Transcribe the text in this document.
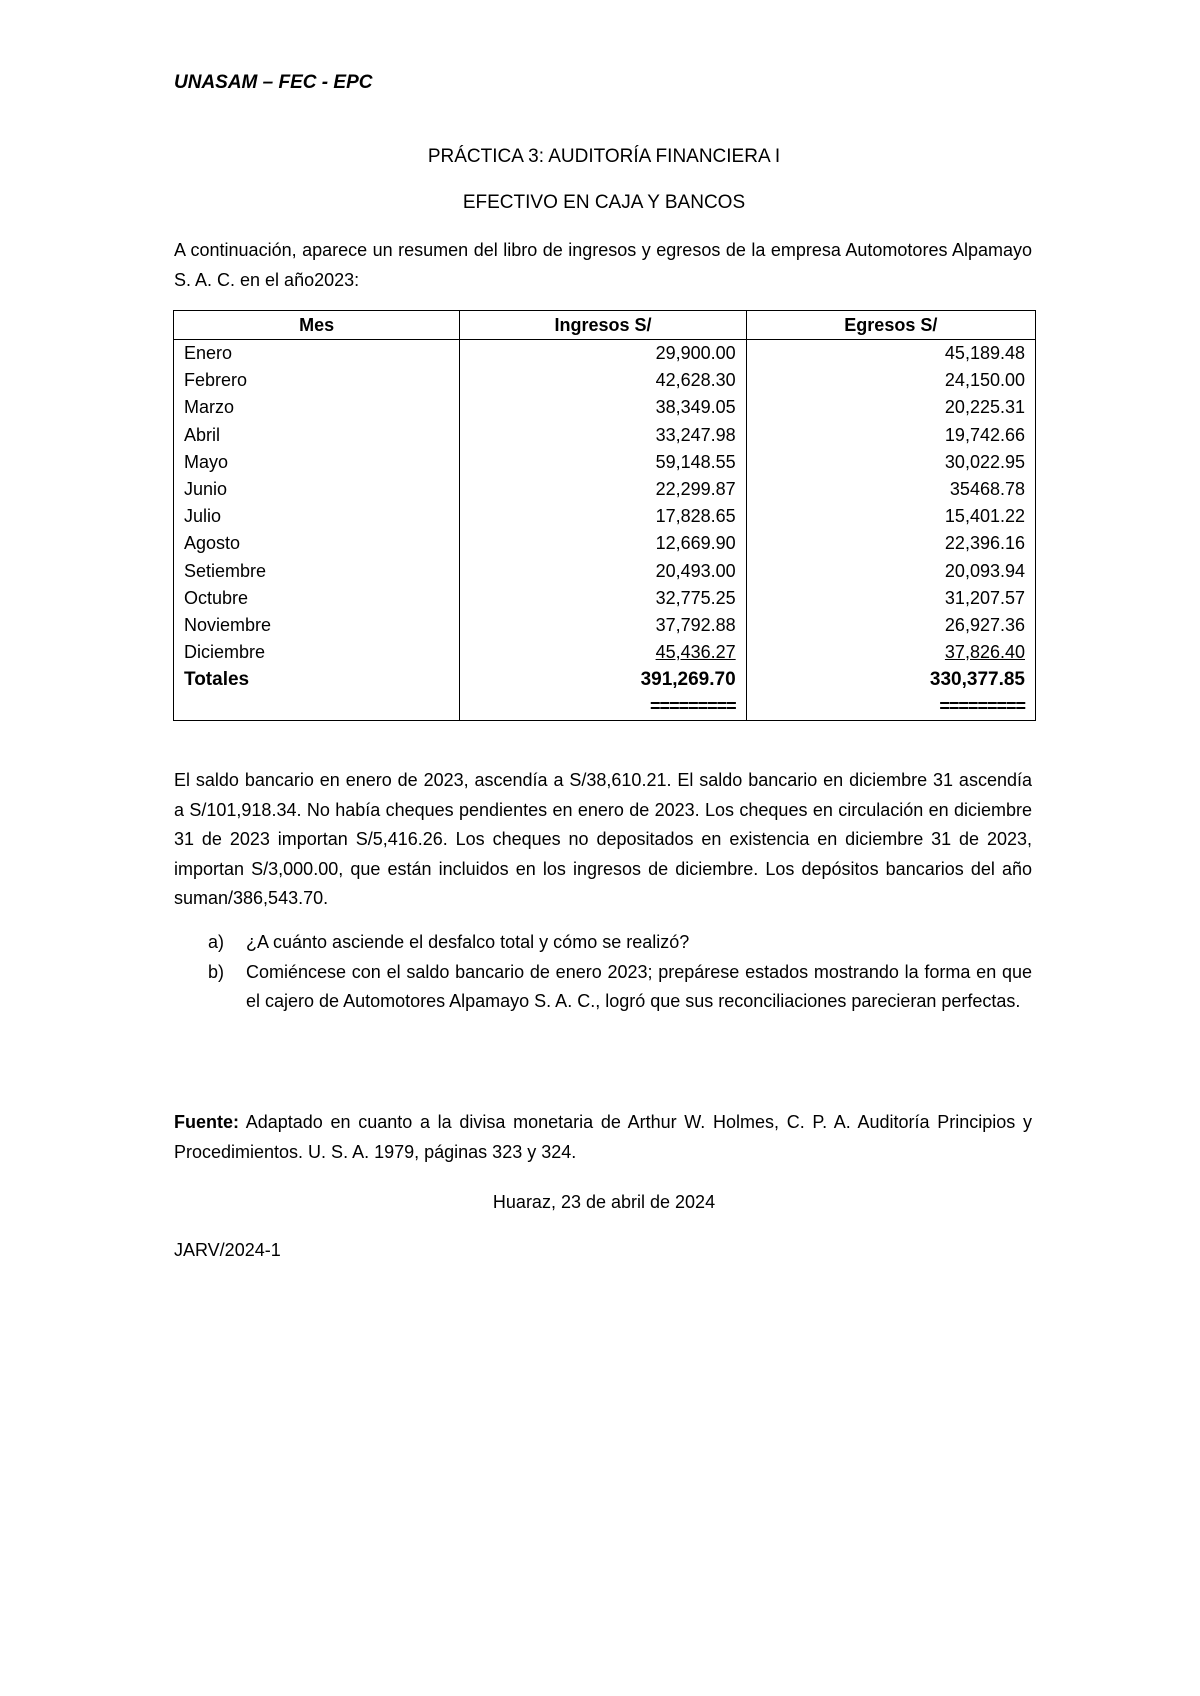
UNASAM – FEC - EPC
PRÁCTICA 3: AUDITORÍA FINANCIERA I
EFECTIVO EN CAJA Y BANCOS
A continuación, aparece un resumen del libro de ingresos y egresos de la empresa Automotores Alpamayo S. A. C. en el año2023:
Mes	Ingresos S/	Egresos S/
Enero	29,900.00	45,189.48
Febrero	42,628.30	24,150.00
Marzo	38,349.05	20,225.31
Abril	33,247.98	19,742.66
Mayo	59,148.55	30,022.95
Junio	22,299.87	35468.78
Julio	17,828.65	15,401.22
Agosto	12,669.90	22,396.16
Setiembre	20,493.00	20,093.94
Octubre	32,775.25	31,207.57
Noviembre	37,792.88	26,927.36
Diciembre	45,436.27	37,826.40
Totales	391,269.70	330,377.85
	=========	=========
El saldo bancario en enero de 2023, ascendía a S/38,610.21. El saldo bancario en diciembre 31 ascendía a S/101,918.34. No había cheques pendientes en enero de 2023. Los cheques en circulación en diciembre 31 de 2023 importan S/5,416.26. Los cheques no depositados en existencia en diciembre 31 de 2023, importan S/3,000.00, que están incluidos en los ingresos de diciembre. Los depósitos bancarios del año suman/386,543.70.
a) ¿A cuánto asciende el desfalco total y cómo se realizó?
b) Comiéncese con el saldo bancario de enero 2023; prepárese estados mostrando la forma en que el cajero de Automotores Alpamayo S. A. C., logró que sus reconciliaciones parecieran perfectas.
Fuente: Adaptado en cuanto a la divisa monetaria de Arthur W. Holmes, C. P. A. Auditoría Principios y Procedimientos. U. S. A. 1979, páginas 323 y 324.
Huaraz, 23 de abril de 2024
JARV/2024-1
